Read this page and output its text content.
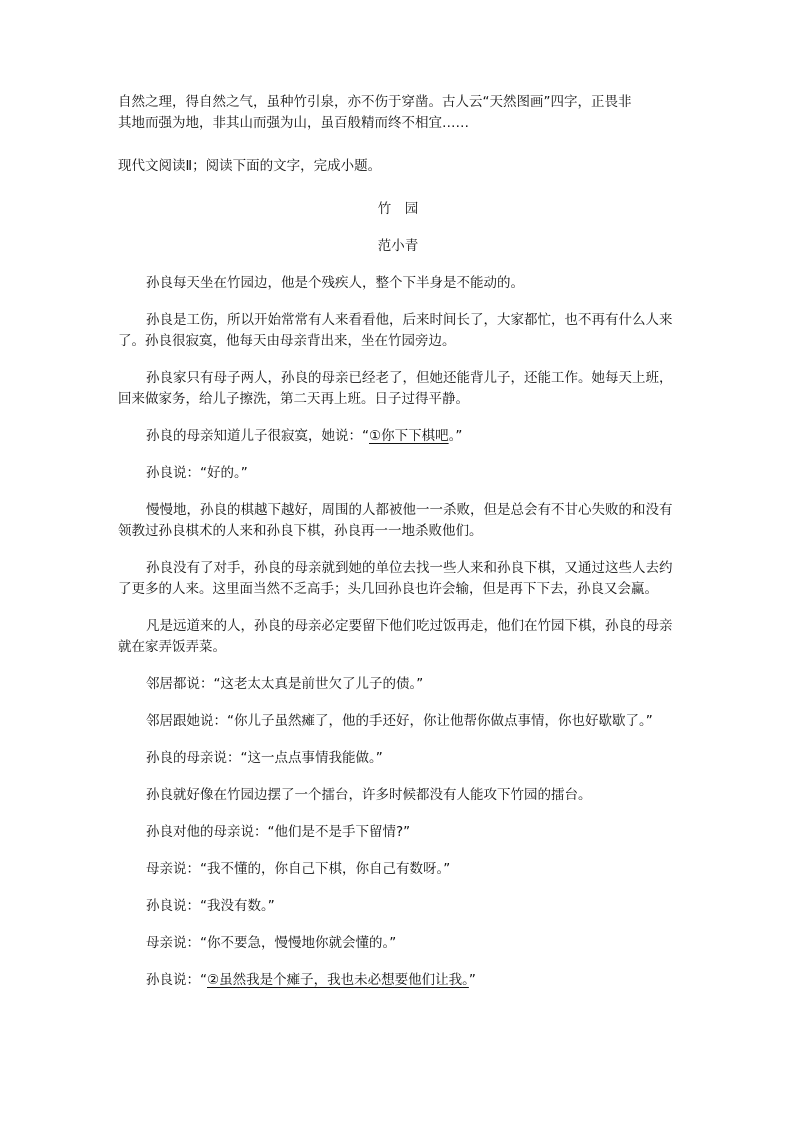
自然之理，得自然之气，虽种竹引泉，亦不伤于穿凿。古人云“天然图画”四字，正畏非
其地而强为地，非其山而强为山，虽百般精而终不相宜……

现代文阅读Ⅱ；阅读下面的文字，完成小题。

竹　园

范小青

孙良每天坐在竹园边，他是个残疾人，整个下半身是不能动的。

孙良是工伤，所以开始常常有人来看看他，后来时间长了，大家都忙，也不再有什么人来了。孙良很寂寞，他每天由母亲背出来，坐在竹园旁边。

孙良家只有母子两人，孙良的母亲已经老了，但她还能背儿子，还能工作。她每天上班，回来做家务，给儿子擦洗，第二天再上班。日子过得平静。

孙良的母亲知道儿子很寂寞，她说：“①你下下棋吧。”

孙良说：“好的。”

慢慢地，孙良的棋越下越好，周围的人都被他一一杀败，但是总会有不甘心失败的和没有领教过孙良棋术的人来和孙良下棋，孙良再一一地杀败他们。

孙良没有了对手，孙良的母亲就到她的单位去找一些人来和孙良下棋，又通过这些人去约了更多的人来。这里面当然不乏高手；头几回孙良也许会输，但是再下下去，孙良又会赢。

凡是远道来的人，孙良的母亲必定要留下他们吃过饭再走，他们在竹园下棋，孙良的母亲就在家弄饭弄菜。

邻居都说：“这老太太真是前世欠了儿子的债。”

邻居跟她说：“你儿子虽然瘫了，他的手还好，你让他帮你做点事情，你也好歇歇了。”

孙良的母亲说：“这一点点事情我能做。”

孙良就好像在竹园边摆了一个擂台，许多时候都没有人能攻下竹园的擂台。

孙良对他的母亲说：“他们是不是手下留情?”

母亲说：“我不懂的，你自己下棋，你自己有数呀。”

孙良说：“我没有数。”

母亲说：“你不要急，慢慢地你就会懂的。”

孙良说：“②虽然我是个瘫子，我也未必想要他们让我。”
